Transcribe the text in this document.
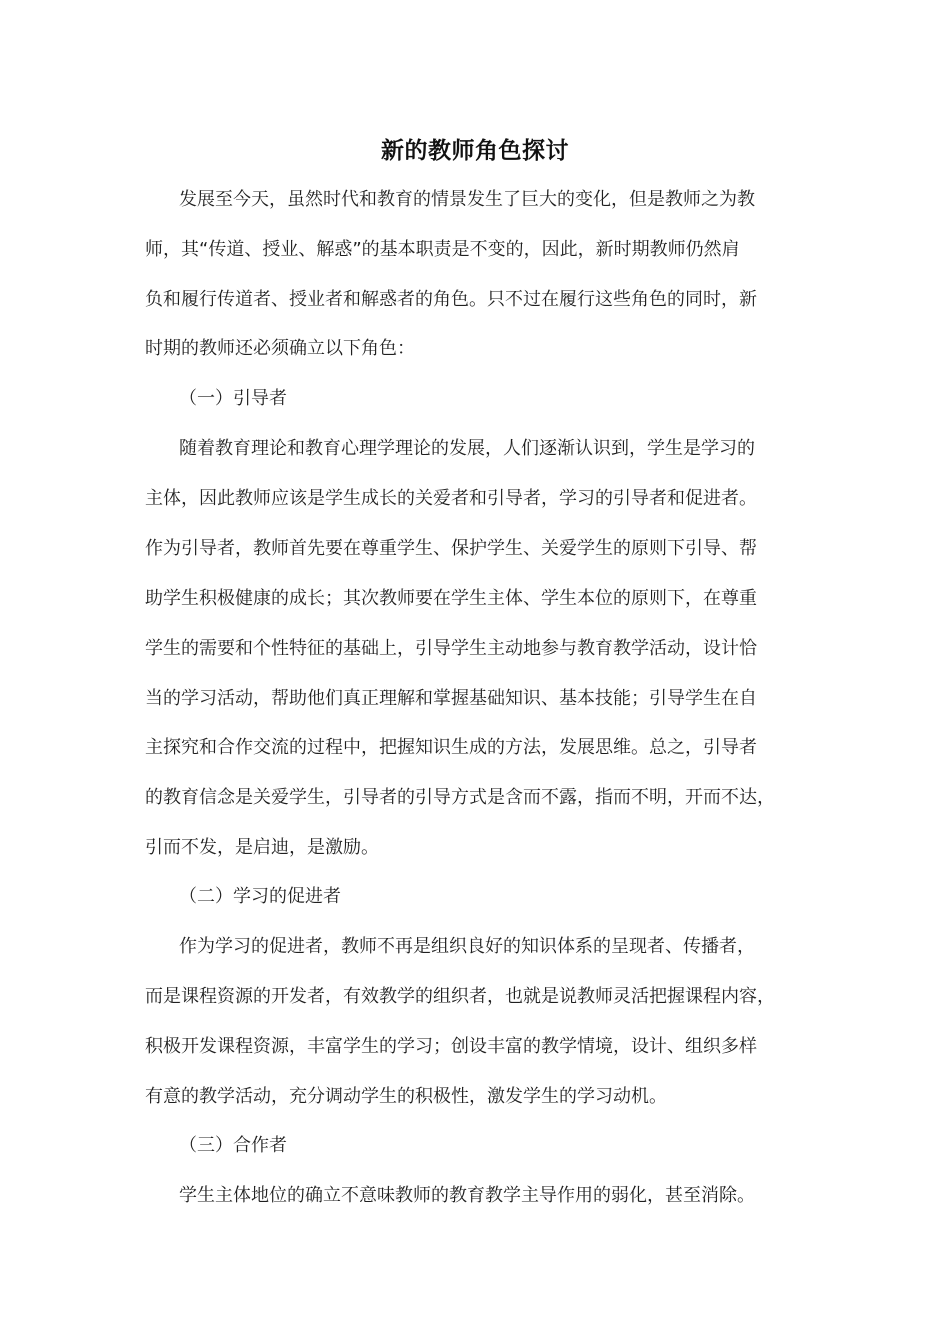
新的教师角色探讨
发展至今天，虽然时代和教育的情景发生了巨大的变化，但是教师之为教
师，其“传道、授业、解惑”的基本职责是不变的，因此，新时期教师仍然肩
负和履行传道者、授业者和解惑者的角色。只不过在履行这些角色的同时，新
时期的教师还必须确立以下角色：
（一）引导者
随着教育理论和教育心理学理论的发展，人们逐渐认识到，学生是学习的
主体，因此教师应该是学生成长的关爱者和引导者，学习的引导者和促进者。
作为引导者，教师首先要在尊重学生、保护学生、关爱学生的原则下引导、帮
助学生积极健康的成长；其次教师要在学生主体、学生本位的原则下，在尊重
学生的需要和个性特征的基础上，引导学生主动地参与教育教学活动，设计恰
当的学习活动，帮助他们真正理解和掌握基础知识、基本技能；引导学生在自
主探究和合作交流的过程中，把握知识生成的方法，发展思维。总之，引导者
的教育信念是关爱学生，引导者的引导方式是含而不露，指而不明，开而不达，
引而不发，是启迪，是激励。
（二）学习的促进者
作为学习的促进者，教师不再是组织良好的知识体系的呈现者、传播者，
而是课程资源的开发者，有效教学的组织者，也就是说教师灵活把握课程内容，
积极开发课程资源，丰富学生的学习；创设丰富的教学情境，设计、组织多样
有意的教学活动，充分调动学生的积极性，激发学生的学习动机。
（三）合作者
学生主体地位的确立不意味教师的教育教学主导作用的弱化，甚至消除。
